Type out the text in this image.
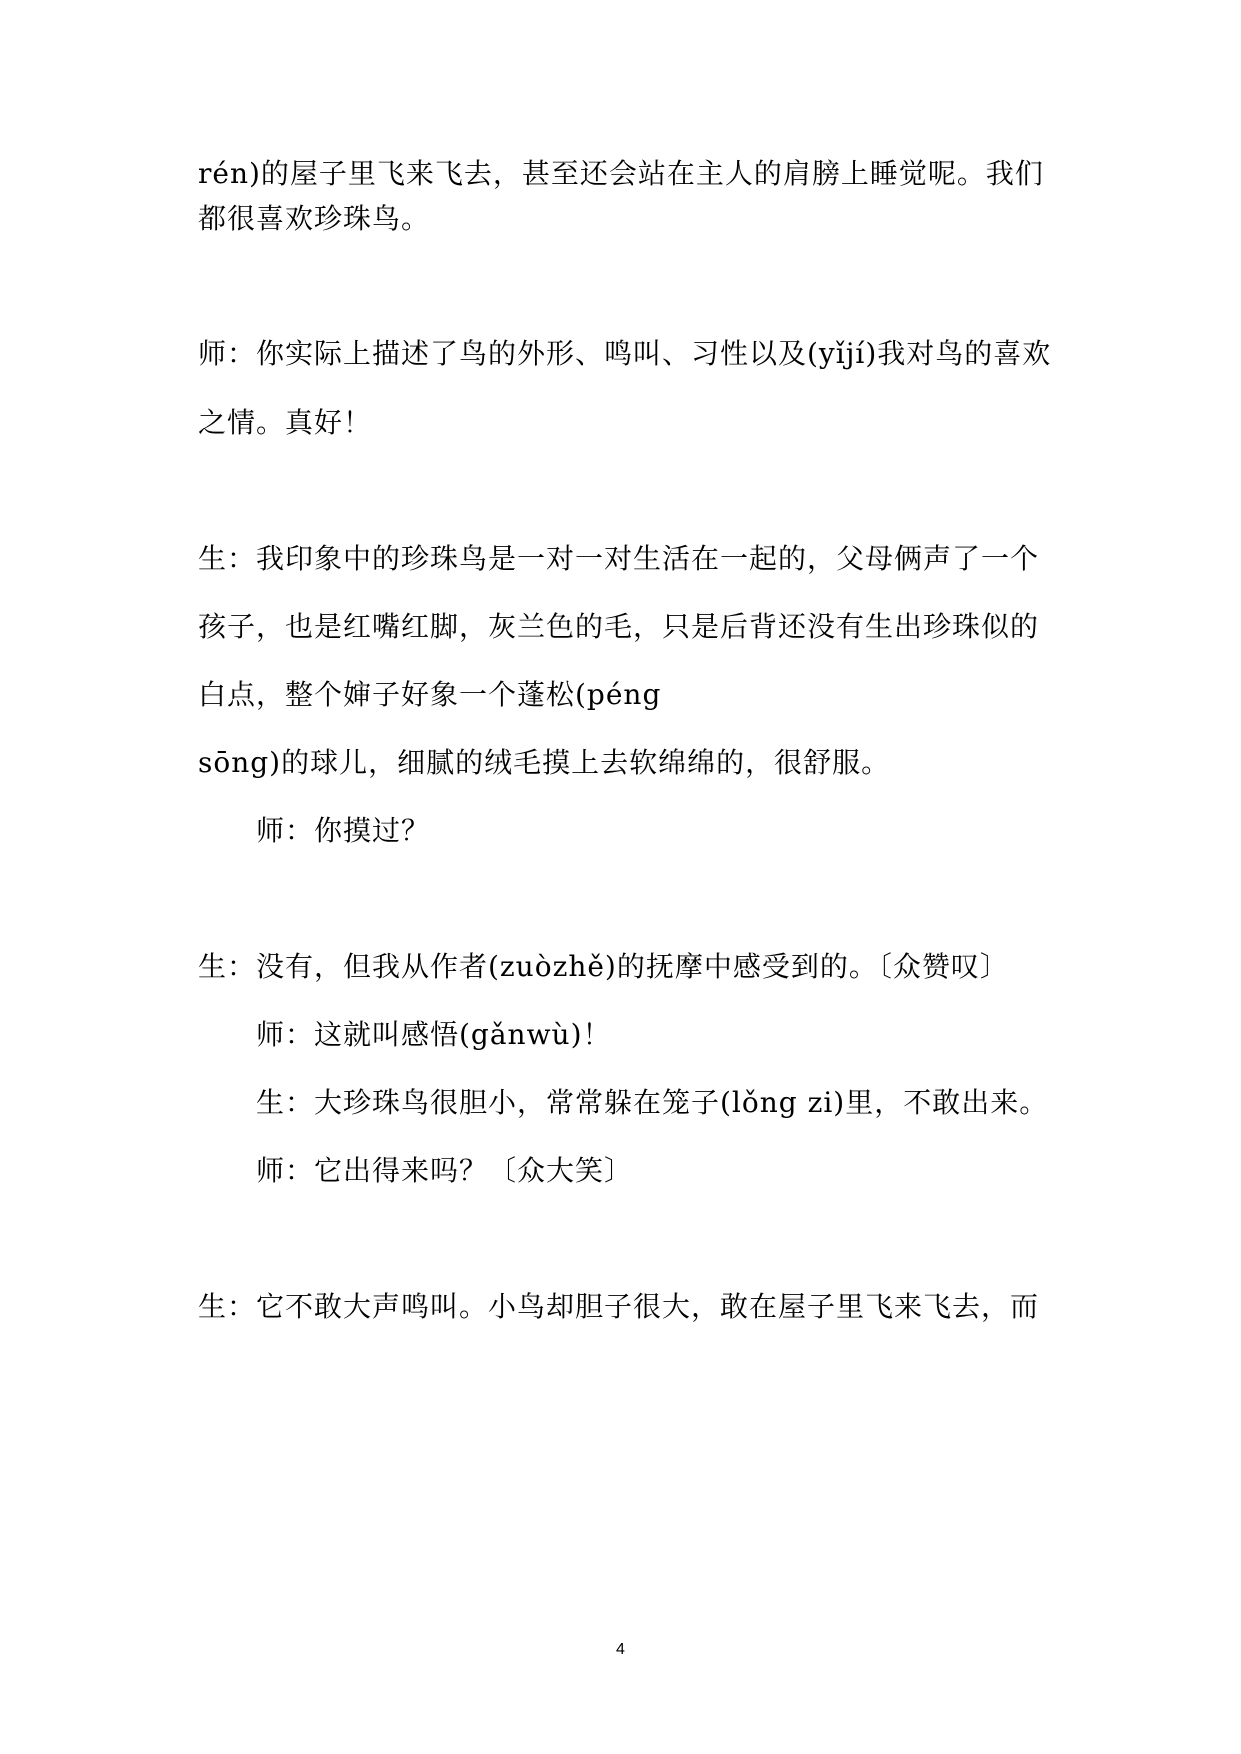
rén)的屋子里飞来飞去，甚至还会站在主人的肩膀上睡觉呢。我们
都很喜欢珍珠鸟。
师：你实际上描述了鸟的外形、鸣叫、习性以及(yǐjí)我对鸟的喜欢
之情。真好！
生：我印象中的珍珠鸟是一对一对生活在一起的，父母俩声了一个
孩子，也是红嘴红脚，灰兰色的毛，只是后背还没有生出珍珠似的
白点，整个婶子好象一个蓬松(péng
sōng)的球儿，细腻的绒毛摸上去软绵绵的，很舒服。
师：你摸过？
生：没有，但我从作者(zuòzhě)的抚摩中感受到的。〔众赞叹〕
师：这就叫感悟(gǎnwù)！
生：大珍珠鸟很胆小，常常躲在笼子(lǒng zi)里，不敢出来。
师：它出得来吗？〔众大笑〕
生：它不敢大声鸣叫。小鸟却胆子很大，敢在屋子里飞来飞去，而
4
